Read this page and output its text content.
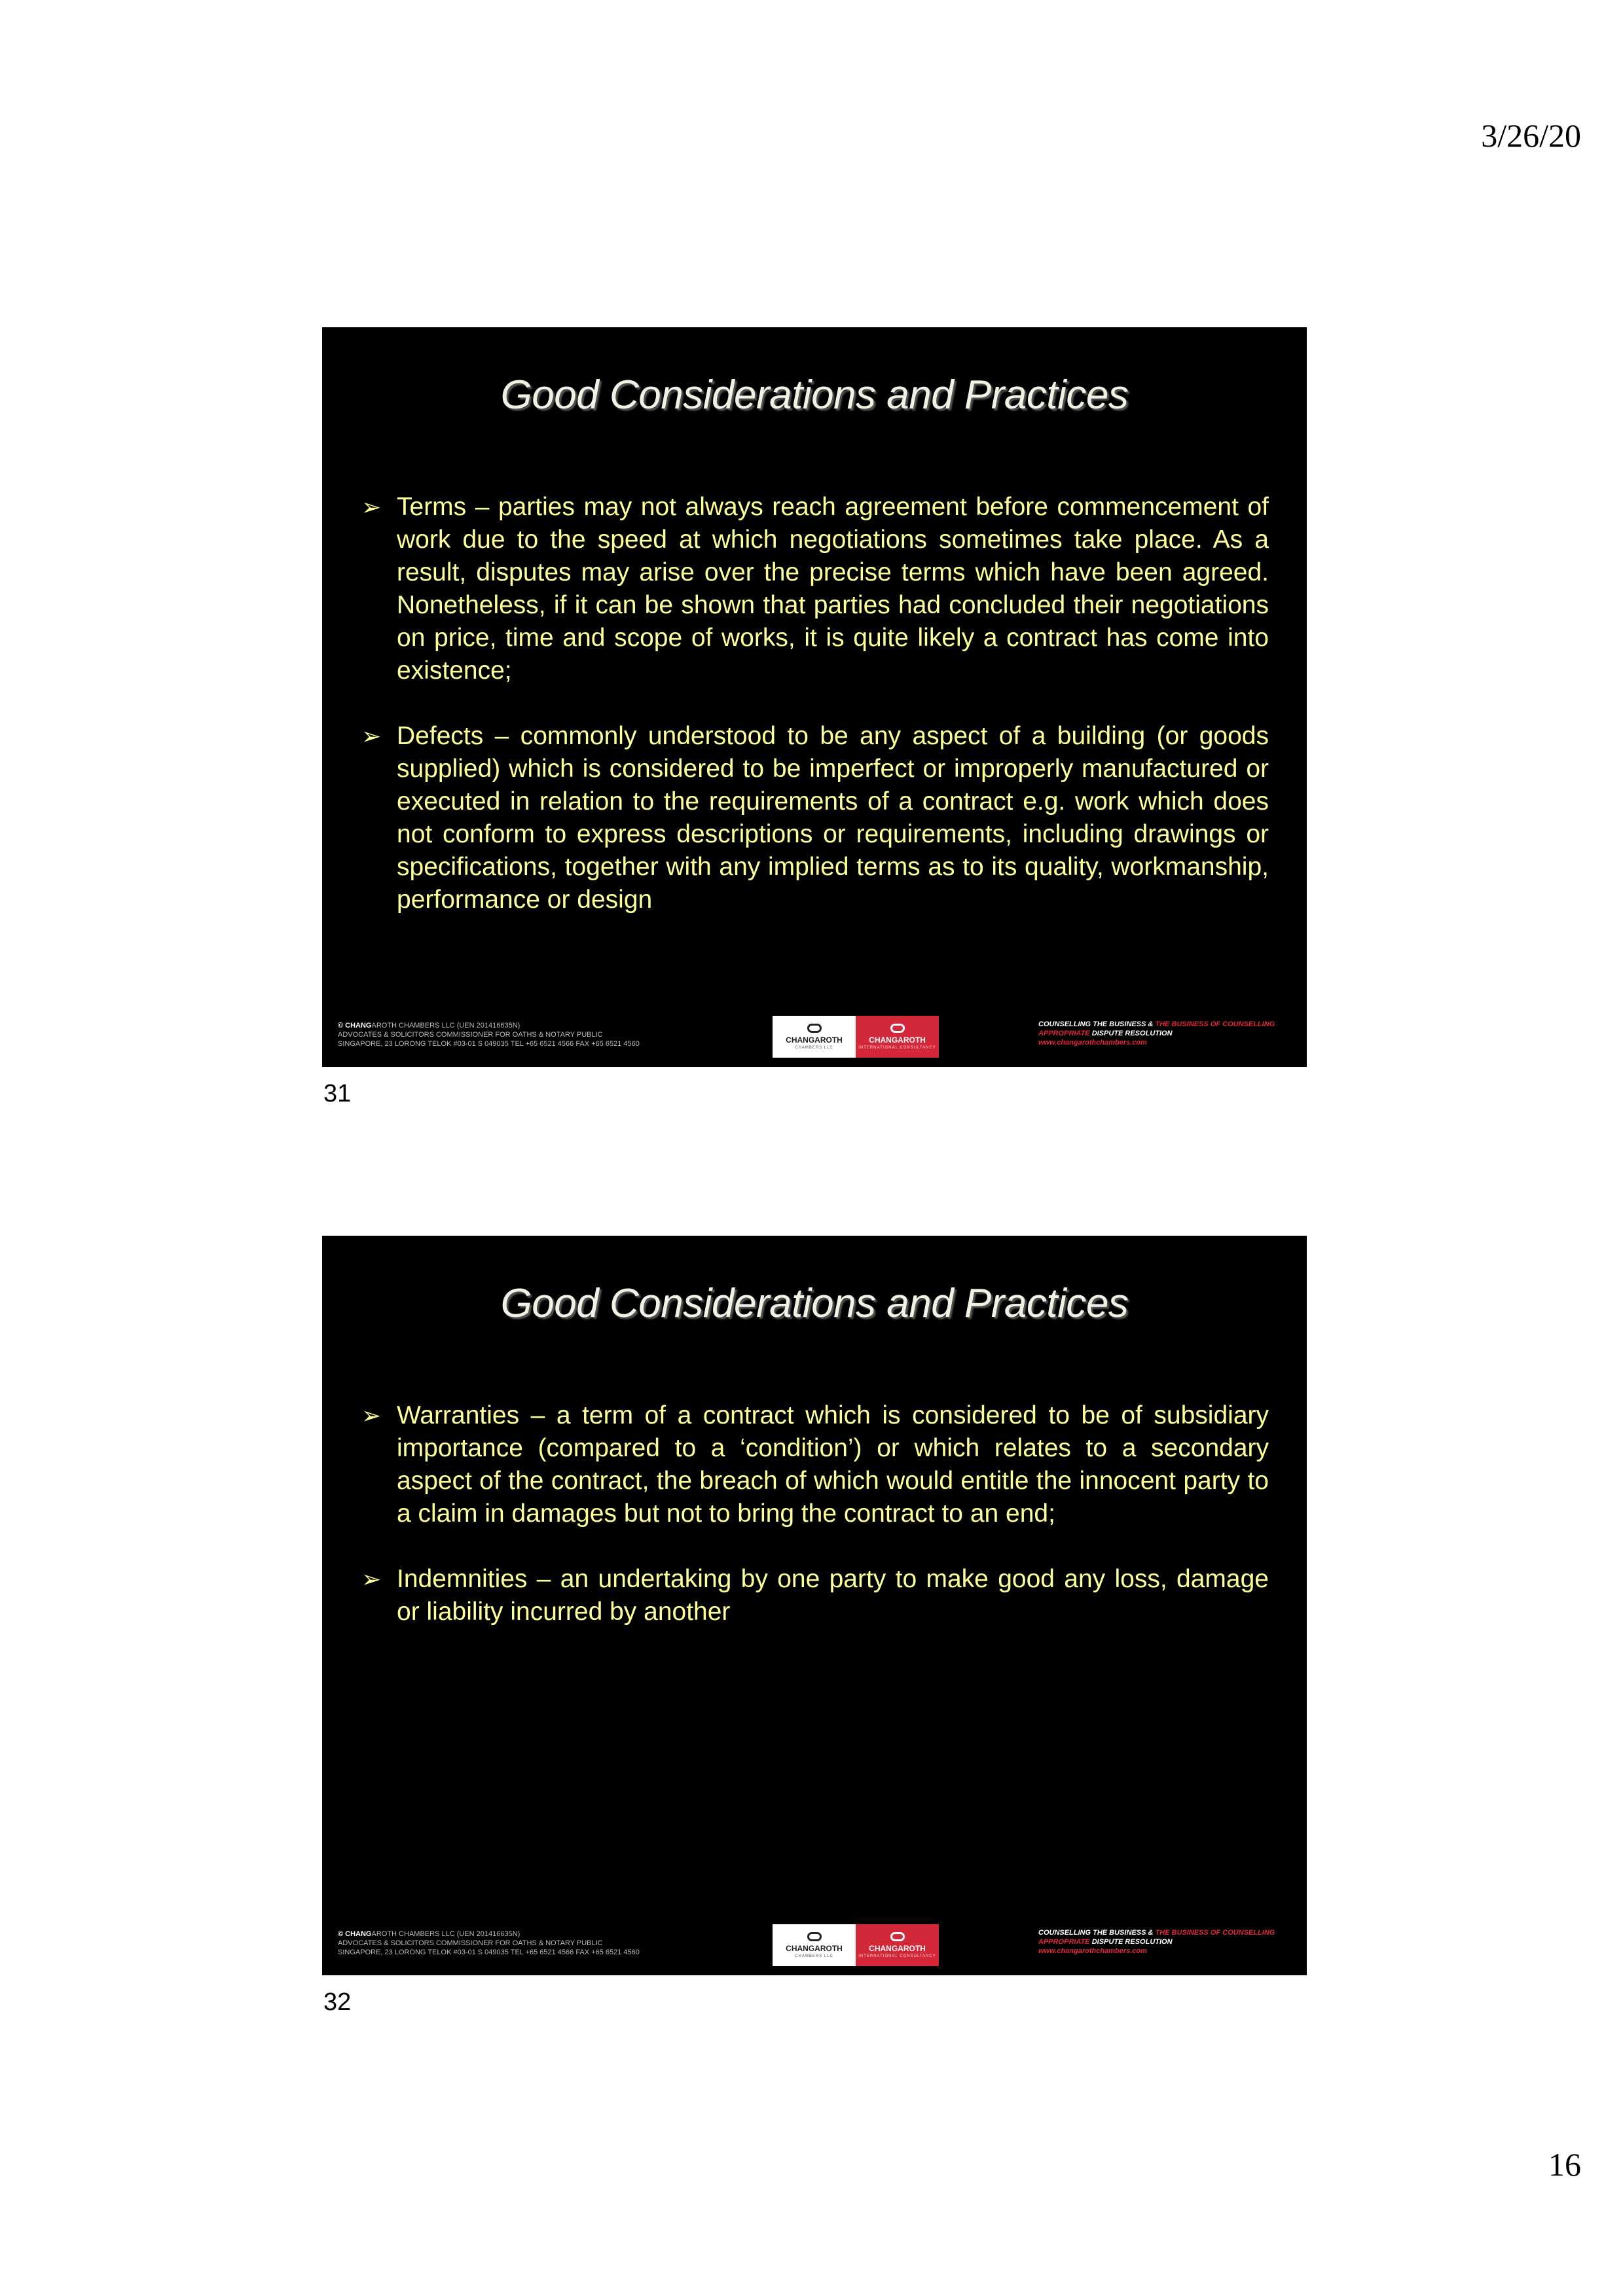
3/26/20
Good Considerations and Practices
➢ Terms – parties may not always reach agreement before commencement of work due to the speed at which negotiations sometimes take place. As a result, disputes may arise over the precise terms which have been agreed. Nonetheless, if it can be shown that parties had concluded their negotiations on price, time and scope of works, it is quite likely a contract has come into existence;
➢ Defects – commonly understood to be any aspect of a building (or goods supplied) which is considered to be imperfect or improperly manufactured or executed in relation to the requirements of a contract e.g. work which does not conform to express descriptions or requirements, including drawings or specifications, together with any implied terms as to its quality, workmanship, performance or design
© CHANGAROTH CHAMBERS LLC (UEN 201416635N)
ADVOCATES & SOLICITORS COMMISSIONER FOR OATHS & NOTARY PUBLIC
SINGAPORE, 23 LORONG TELOK #03-01 S 049035 TEL +65 6521 4566 FAX +65 6521 4560	CHANGAROTH
CHAMBERS LLC
CHANGAROTH
INTERNATIONAL CONSULTANCY
COUNSELLING THE BUSINESS & THE BUSINESS OF COUNSELLING
APPROPRIATE DISPUTE RESOLUTION
www.changarothchambers.com
31
Good Considerations and Practices
➢ Warranties – a term of a contract which is considered to be of subsidiary importance (compared to a ‘condition’) or which relates to a secondary aspect of the contract, the breach of which would entitle the innocent party to a claim in damages but not to bring the contract to an end;
➢ Indemnities – an undertaking by one party to make good any loss, damage or liability incurred by another
© CHANGAROTH CHAMBERS LLC (UEN 201416635N)
ADVOCATES & SOLICITORS COMMISSIONER FOR OATHS & NOTARY PUBLIC
SINGAPORE, 23 LORONG TELOK #03-01 S 049035 TEL +65 6521 4566 FAX +65 6521 4560	CHANGAROTH
CHAMBERS LLC
CHANGAROTH
INTERNATIONAL CONSULTANCY
COUNSELLING THE BUSINESS & THE BUSINESS OF COUNSELLING
APPROPRIATE DISPUTE RESOLUTION
www.changarothchambers.com
32
16
